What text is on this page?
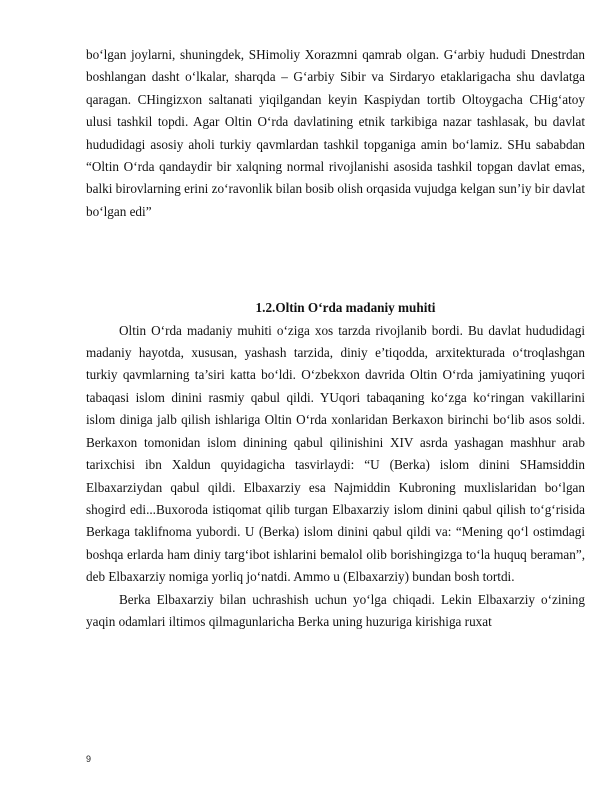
bo‘lgan joylarni, shuningdek, SHimoliy Xorazmni qamrab olgan. G‘arbiy hududi Dnestrdan boshlangan dasht o‘lkalar, sharqda – G‘arbiy Sibir va Sirdaryo etaklarigacha shu davlatga qaragan. CHingizxon saltanati yiqilgandan keyin Kaspiydan tortib Oltoygacha CHig‘atoy ulusi tashkil topdi. Agar Oltin O‘rda davlatining etnik tarkibiga nazar tashlasak, bu davlat hududidagi asosiy aholi turkiy qavmlardan tashkil topganiga amin bo‘lamiz. SHu sababdan “Oltin O‘rda qandaydir bir xalqning normal rivojlanishi asosida tashkil topgan davlat emas, balki birovlarning erini zo‘ravonlik bilan bosib olish orqasida vujudga kelgan sun’iy bir davlat bo‘lgan edi”

1.2.Oltin O‘rda madaniy muhiti

Oltin O‘rda madaniy muhiti o‘ziga xos tarzda rivojlanib bordi. Bu davlat hududidagi madaniy hayotda, xususan, yashash tarzida, diniy e’tiqodda, arxitekturada o‘troqlashgan turkiy qavmlarning ta’siri katta bo‘ldi. O‘zbekxon davrida Oltin O‘rda jamiyatining yuqori tabaqasi islom dinini rasmiy qabul qildi. YUqori tabaqaning ko‘zga ko‘ringan vakillarini islom diniga jalb qilish ishlariga Oltin O‘rda xonlaridan Berkaxon birinchi bo‘lib asos soldi. Berkaxon tomonidan islom dinining qabul qilinishini XIV asrda yashagan mashhur arab tarixchisi ibn Xaldun quyidagicha tasvirlaydi: “U (Berka) islom dinini SHamsiddin Elbaxarziydan qabul qildi. Elbaxarziy esa Najmiddin Kubroning muxlislaridan bo‘lgan shogird edi...Buxoroda istiqomat qilib turgan Elbaxarziy islom dinini qabul qilish to‘g‘risida Berkaga taklifnoma yubordi. U (Berka) islom dinini qabul qildi va: “Mening qo‘l ostimdagi boshqa erlarda ham diniy targ‘ibot ishlarini bemalol olib borishingizga to‘la huquq beraman”, deb Elbaxarziy nomiga yorliq jo‘natdi. Ammo u (Elbaxarziy) bundan bosh tortdi.

Berka Elbaxarziy bilan uchrashish uchun yo‘lga chiqadi. Lekin Elbaxarziy o‘zining yaqin odamlari iltimos qilmagunlaricha Berka uning huzuriga kirishiga ruxat

9
